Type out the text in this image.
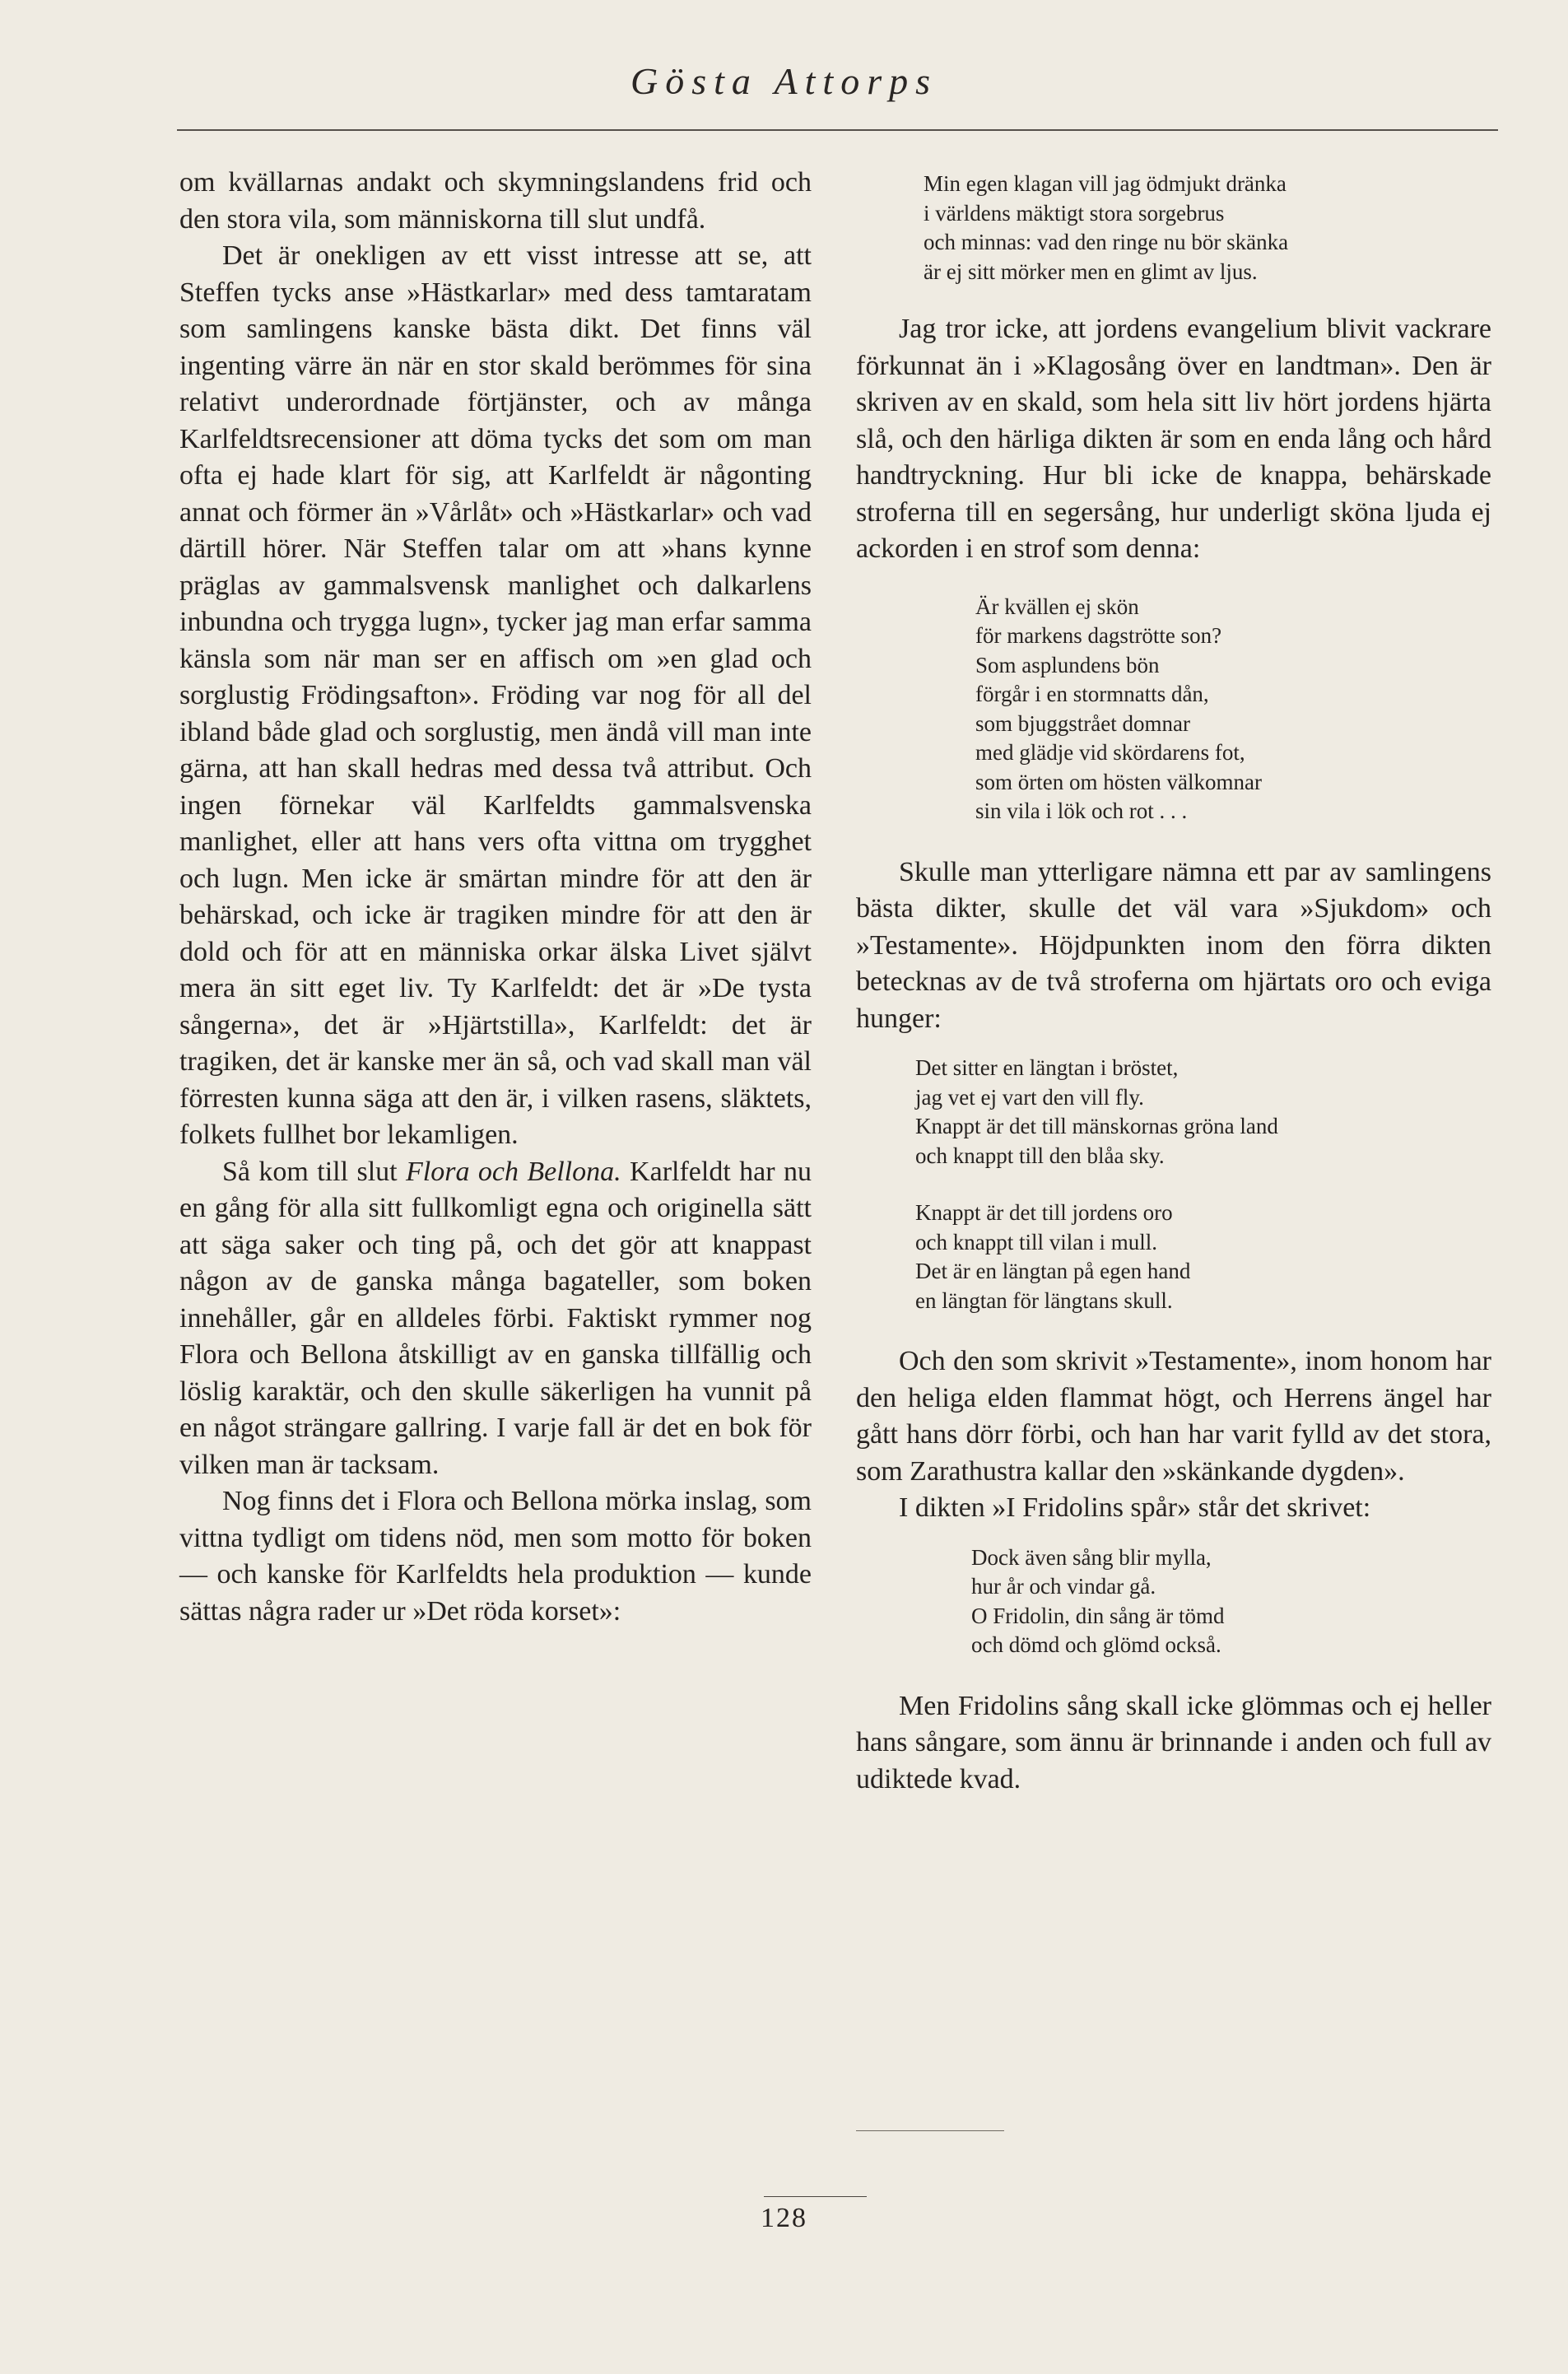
Gösta Attorps

om kvällarnas andakt och skymningslandens frid och den stora vila, som människorna till slut undfå.

Det är onekligen av ett visst intresse att se, att Steffen tycks anse »Hästkarlar» med dess tamtaratam som samlingens kanske bästa dikt. Det finns väl ingenting värre än när en stor skald berömmes för sina relativt underordnade förtjänster, och av många Karlfeldtsrecensioner att döma tycks det som om man ofta ej hade klart för sig, att Karlfeldt är någonting annat och förmer än »Vårlåt» och »Hästkarlar» och vad därtill hörer. När Steffen talar om att »hans kynne präglas av gammalsvensk manlighet och dalkarlens inbundna och trygga lugn», tycker jag man erfar samma känsla som när man ser en affisch om »en glad och sorglustig Frödingsafton». Fröding var nog för all del ibland både glad och sorglustig, men ändå vill man inte gärna, att han skall hedras med dessa två attribut. Och ingen förnekar väl Karlfeldts gammalsvenska manlighet, eller att hans vers ofta vittna om trygghet och lugn. Men icke är smärtan mindre för att den är behärskad, och icke är tragiken mindre för att den är dold och för att en människa orkar älska Livet självt mera än sitt eget liv. Ty Karlfeldt: det är »De tysta sångerna», det är »Hjärtstilla», Karlfeldt: det är tragiken, det är kanske mer än så, och vad skall man väl förresten kunna säga att den är, i vilken rasens, släktets, folkets fullhet bor lekamligen.

Så kom till slut Flora och Bellona. Karlfeldt har nu en gång för alla sitt fullkomligt egna och originella sätt att säga saker och ting på, och det gör att knappast någon av de ganska många bagateller, som boken innehåller, går en alldeles förbi. Faktiskt rymmer nog Flora och Bellona åtskilligt av en ganska tillfällig och löslig karaktär, och den skulle säkerligen ha vunnit på en något strängare gallring. I varje fall är det en bok för vilken man är tacksam.

Nog finns det i Flora och Bellona mörka inslag, som vittna tydligt om tidens nöd, men som motto för boken — och kanske för Karlfeldts hela produktion — kunde sättas några rader ur »Det röda korset»:

Min egen klagan vill jag ödmjukt dränka
i världens mäktigt stora sorgebrus
och minnas: vad den ringe nu bör skänka
är ej sitt mörker men en glimt av ljus.

Jag tror icke, att jordens evangelium blivit vackrare förkunnat än i »Klagosång över en landtman». Den är skriven av en skald, som hela sitt liv hört jordens hjärta slå, och den härliga dikten är som en enda lång och hård handtryckning. Hur bli icke de knappa, behärskade stroferna till en segersång, hur underligt sköna ljuda ej ackorden i en strof som denna:

Är kvällen ej skön
för markens dagströtte son?
Som asplundens bön
förgår i en stormnatts dån,
som bjuggstrået domnar
med glädje vid skördarens fot,
som örten om hösten välkomnar
sin vila i lök och rot . . .

Skulle man ytterligare nämna ett par av samlingens bästa dikter, skulle det väl vara »Sjukdom» och »Testamente». Höjdpunkten inom den förra dikten betecknas av de två stroferna om hjärtats oro och eviga hunger:

Det sitter en längtan i bröstet,
jag vet ej vart den vill fly.
Knappt är det till mänskornas gröna land
och knappt till den blåa sky.
Knappt är det till jordens oro
och knappt till vilan i mull.
Det är en längtan på egen hand
en längtan för längtans skull.

Och den som skrivit »Testamente», inom honom har den heliga elden flammat högt, och Herrens ängel har gått hans dörr förbi, och han har varit fylld av det stora, som Zarathustra kallar den »skänkande dygden».

I dikten »I Fridolins spår» står det skrivet:

Dock även sång blir mylla,
hur år och vindar gå.
O Fridolin, din sång är tömd
och dömd och glömd också.

Men Fridolins sång skall icke glömmas och ej heller hans sångare, som ännu är brinnande i anden och full av udiktede kvad.

128
